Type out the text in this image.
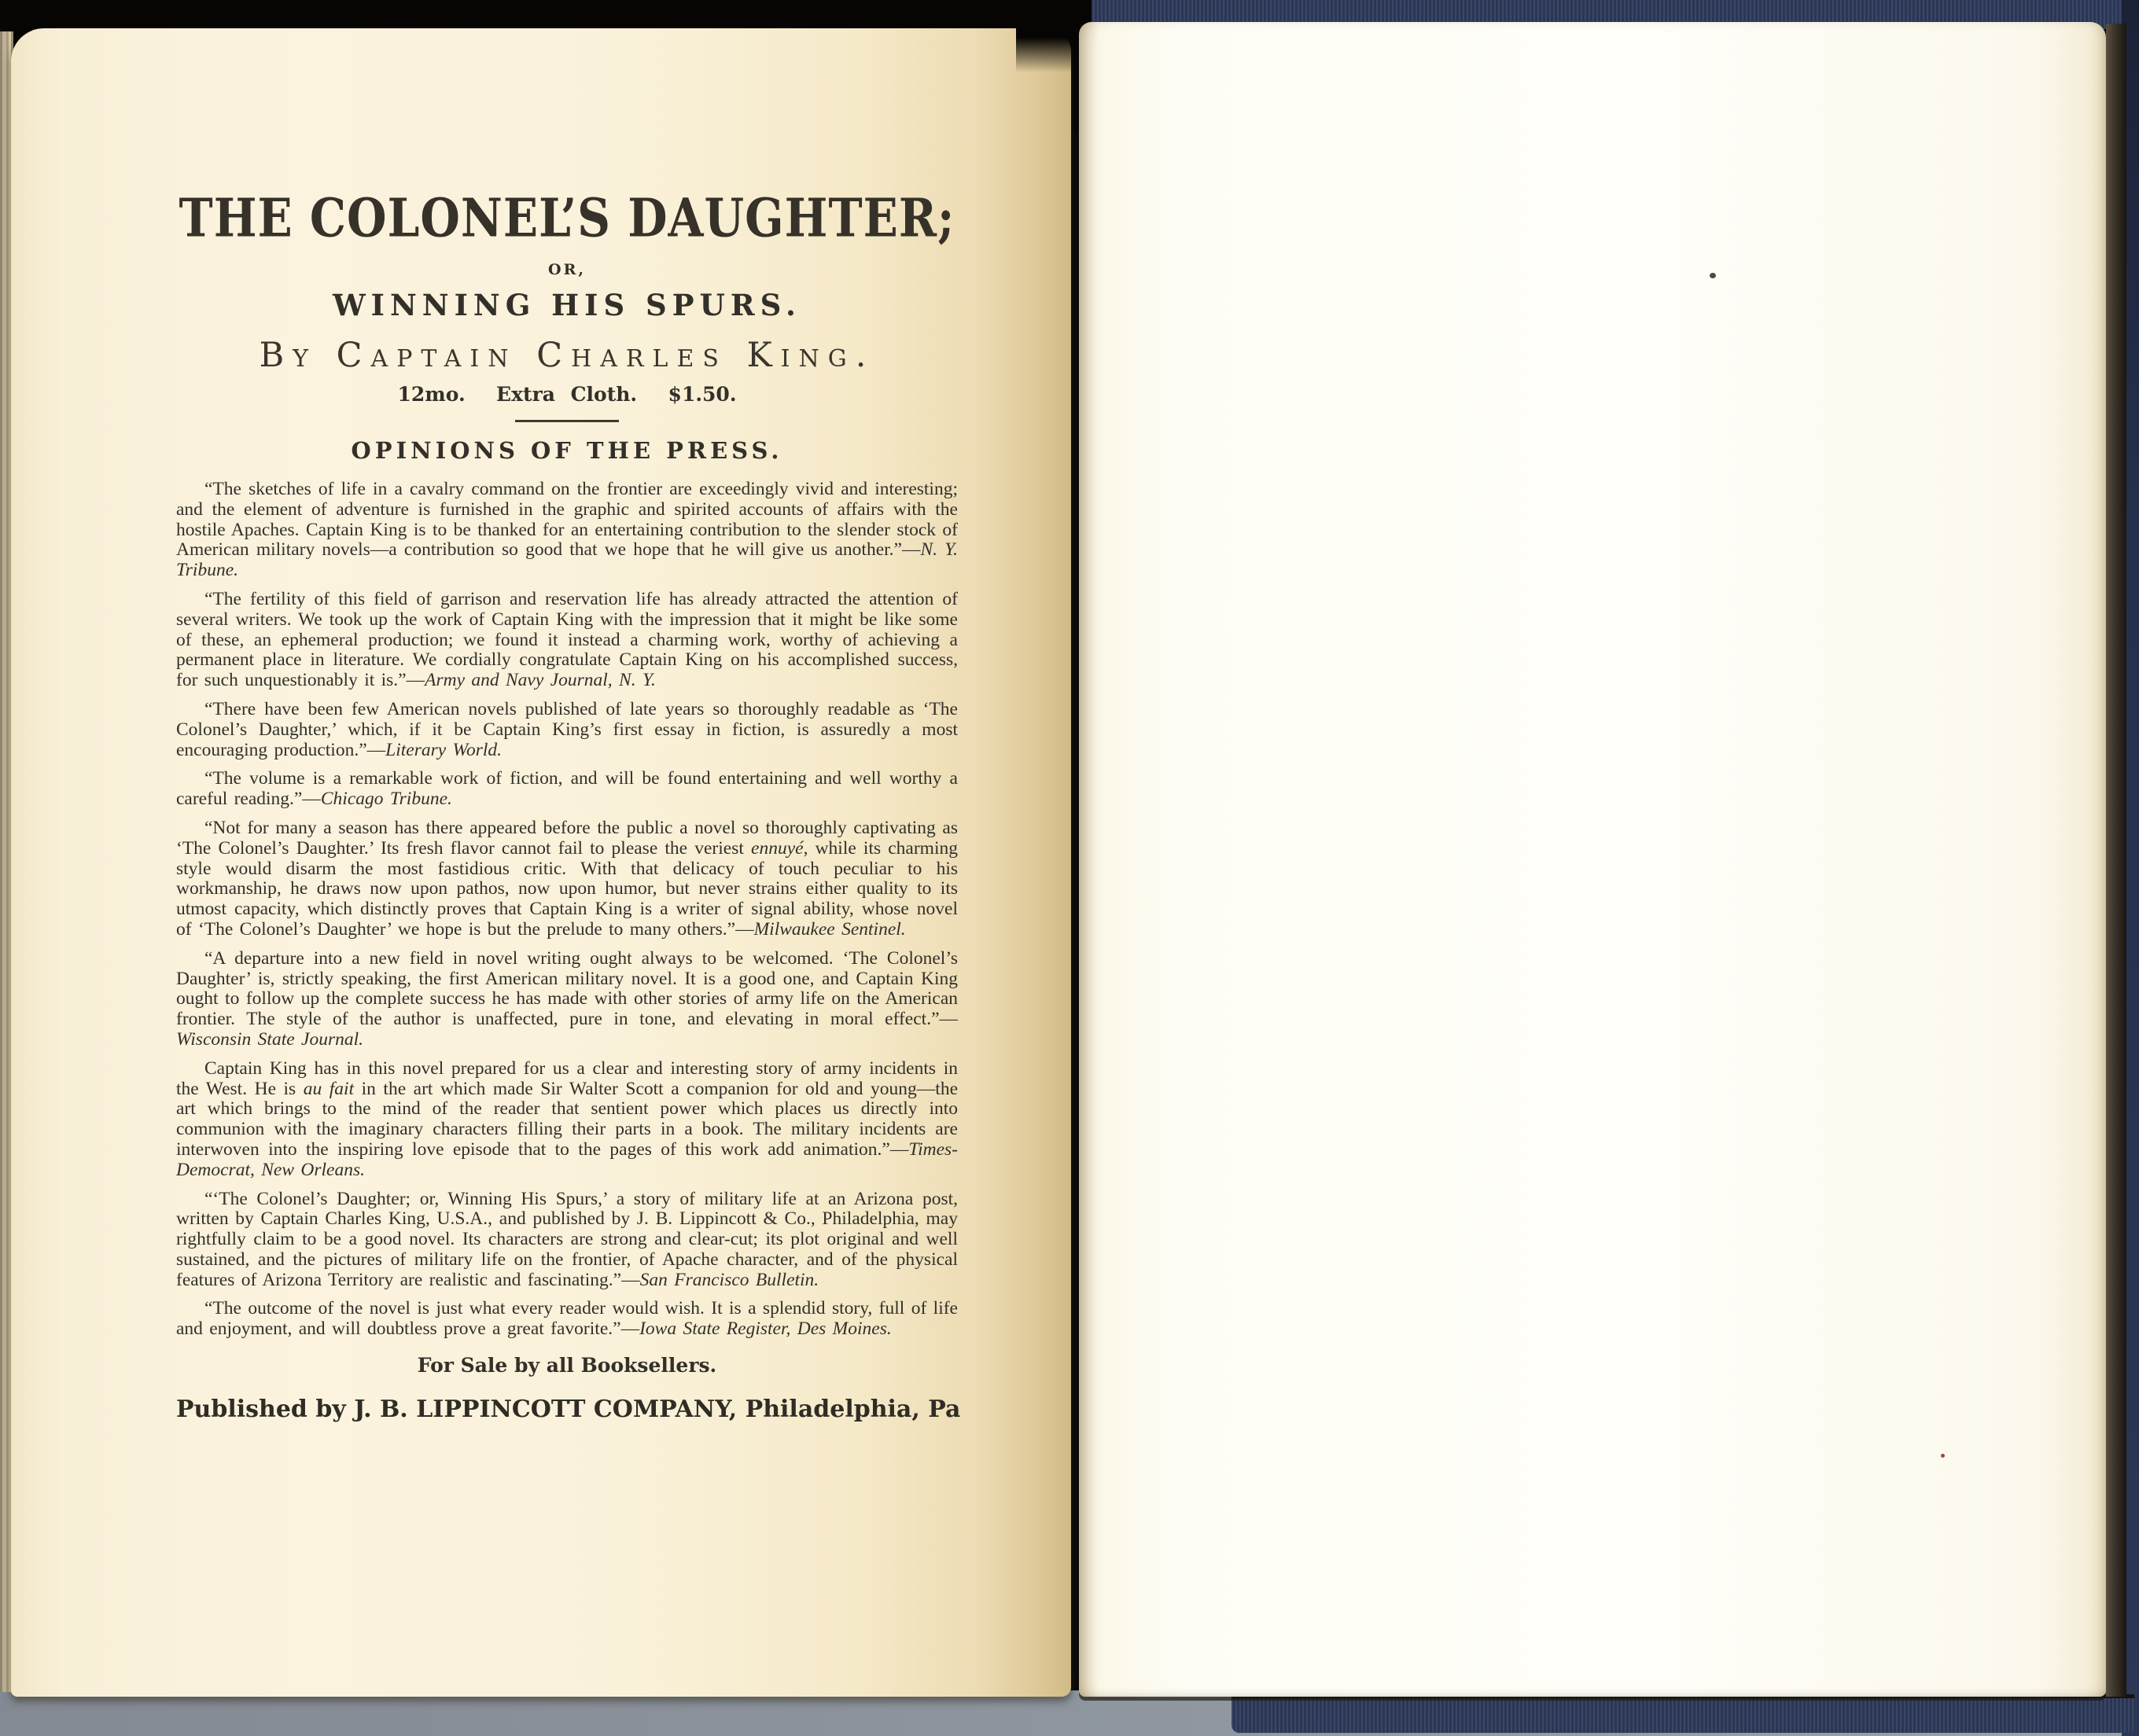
THE COLONEL’S DAUGHTER;
OR,
WINNING HIS SPURS.
By Captain Charles King.
12mo.  Extra Cloth.  $1.50.
OPINIONS OF THE PRESS.

“The sketches of life in a cavalry command on the frontier are exceedingly vivid and interesting; and the element of adventure is furnished in the graphic and spirited accounts of affairs with the hostile Apaches. Captain King is to be thanked for an entertaining contribution to the slender stock of American military novels—a contribution so good that we hope that he will give us another.”—N. Y. Tribune.

“The fertility of this field of garrison and reservation life has already attracted the attention of several writers. We took up the work of Captain King with the impression that it might be like some of these, an ephemeral production; we found it instead a charming work, worthy of achieving a permanent place in literature. We cordially congratulate Captain King on his accomplished success, for such unquestionably it is.”—Army and Navy Journal, N. Y.

“There have been few American novels published of late years so thoroughly readable as ‘The Colonel’s Daughter,’ which, if it be Captain King’s first essay in fiction, is assuredly a most encouraging production.”—Literary World.

“The volume is a remarkable work of fiction, and will be found entertaining and well worthy a careful reading.”—Chicago Tribune.

“Not for many a season has there appeared before the public a novel so thoroughly captivating as ‘The Colonel’s Daughter.’ Its fresh flavor cannot fail to please the veriest ennuyé, while its charming style would disarm the most fastidious critic. With that delicacy of touch peculiar to his workmanship, he draws now upon pathos, now upon humor, but never strains either quality to its utmost capacity, which distinctly proves that Captain King is a writer of signal ability, whose novel of ‘The Colonel’s Daughter’ we hope is but the prelude to many others.”—Milwaukee Sentinel.

“A departure into a new field in novel writing ought always to be welcomed. ‘The Colonel’s Daughter’ is, strictly speaking, the first American military novel. It is a good one, and Captain King ought to follow up the complete success he has made with other stories of army life on the American frontier. The style of the author is unaffected, pure in tone, and elevating in moral effect.”—Wisconsin State Journal.

Captain King has in this novel prepared for us a clear and interesting story of army incidents in the West. He is au fait in the art which made Sir Walter Scott a companion for old and young—the art which brings to the mind of the reader that sentient power which places us directly into communion with the imaginary characters filling their parts in a book. The military incidents are interwoven into the inspiring love episode that to the pages of this work add animation.”—Times-Democrat, New Orleans.

“‘The Colonel’s Daughter; or, Winning His Spurs,’ a story of military life at an Arizona post, written by Captain Charles King, U.S.A., and published by J. B. Lippincott & Co., Philadelphia, may rightfully claim to be a good novel. Its characters are strong and clear-cut; its plot original and well sustained, and the pictures of military life on the frontier, of Apache character, and of the physical features of Arizona Territory are realistic and fascinating.”—San Francisco Bulletin.

“The outcome of the novel is just what every reader would wish. It is a splendid story, full of life and enjoyment, and will doubtless prove a great favorite.”—Iowa State Register, Des Moines.

For Sale by all Booksellers.
Published by J. B. LIPPINCOTT COMPANY, Philadelphia, Pa
